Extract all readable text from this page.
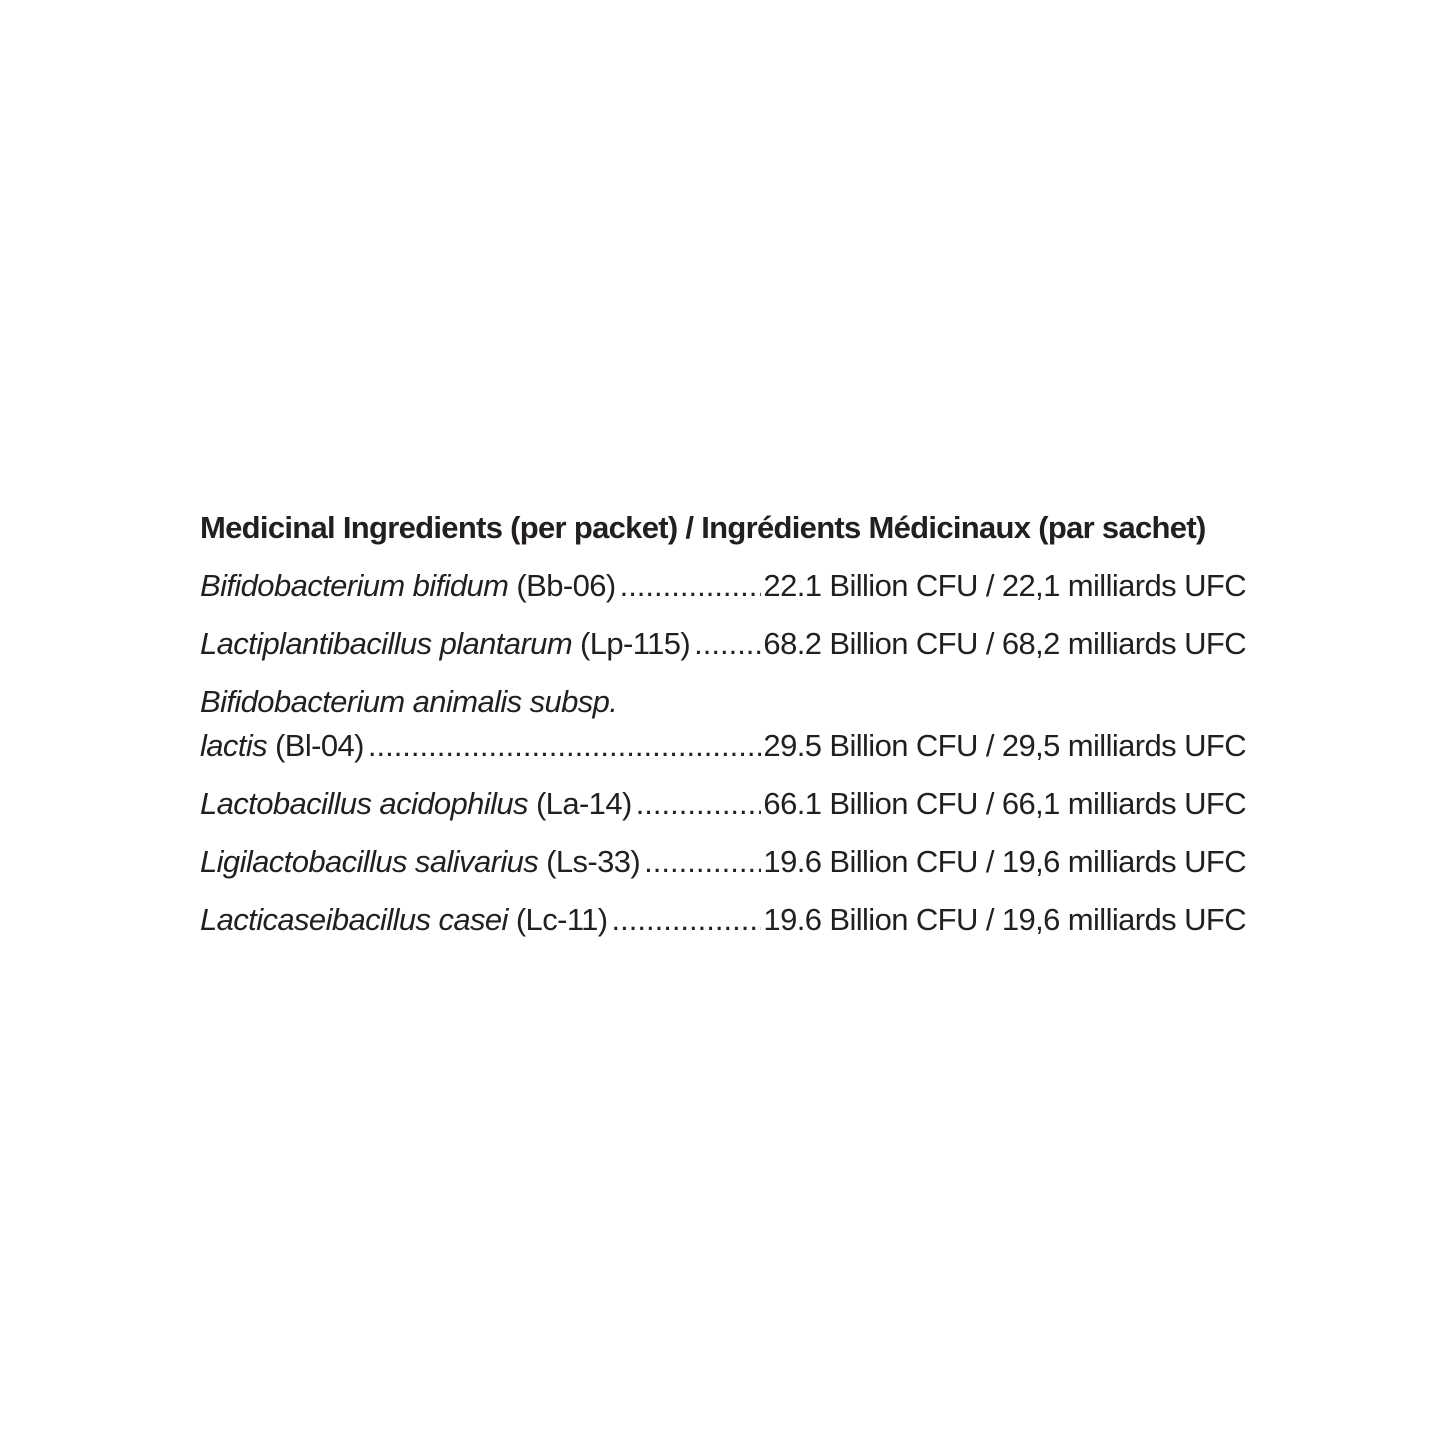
Medicinal Ingredients (per packet) / Ingrédients Médicinaux (par sachet)
Bifidobacterium bifidum (Bb-06) .....	22.1 Billion CFU / 22,1 milliards UFC
Lactiplantibacillus plantarum (Lp-115) ..... 68.2 Billion CFU / 68,2 milliards UFC
Bifidobacterium animalis subsp.
lactis (Bl-04) .....	29.5 Billion CFU / 29,5 milliards UFC
Lactobacillus acidophilus (La-14) .....	66.1 Billion CFU / 66,1 milliards UFC
Ligilactobacillus salivarius (Ls-33) .....	19.6 Billion CFU / 19,6 milliards UFC
Lacticaseibacillus casei (Lc-11) .....	19.6 Billion CFU / 19,6 milliards UFC
